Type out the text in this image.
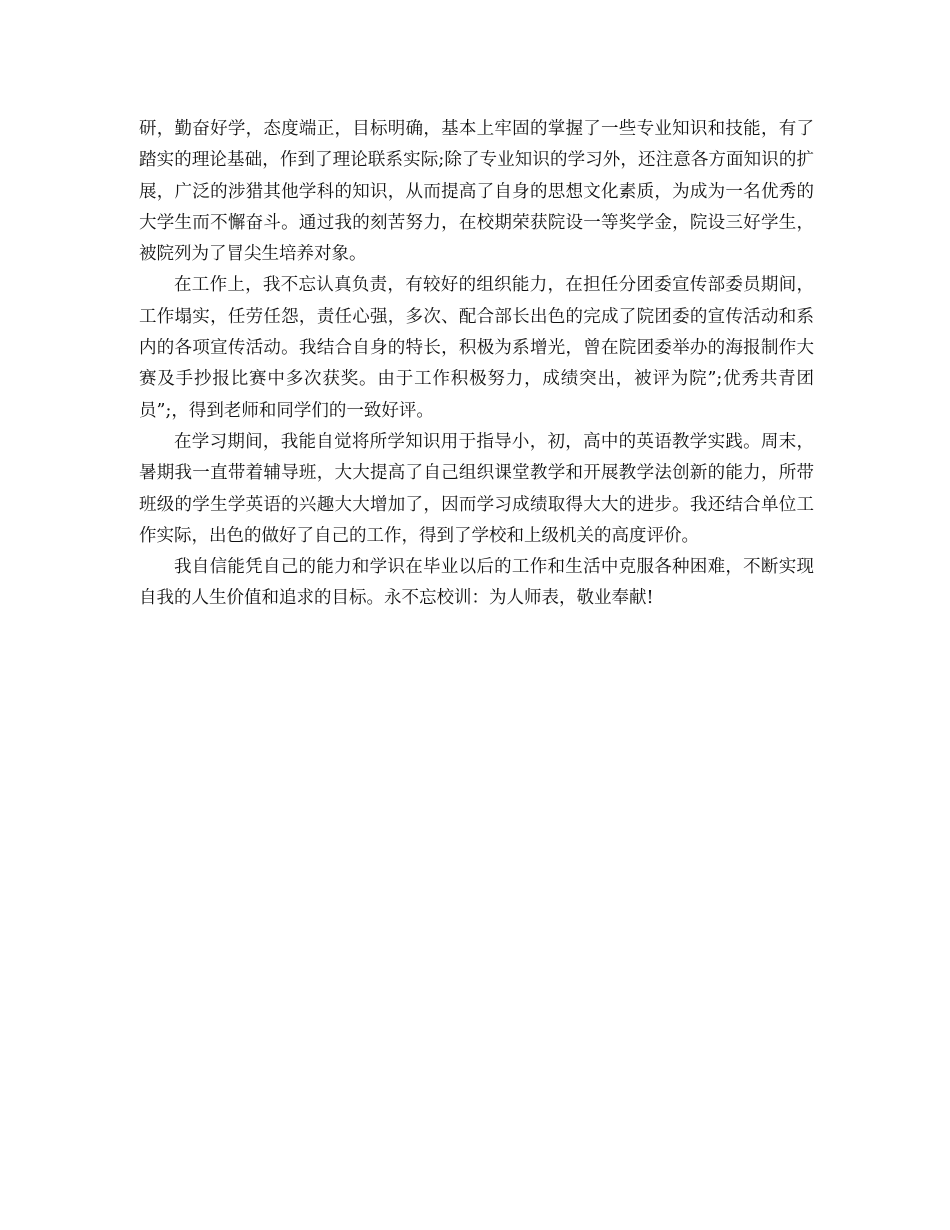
研，勤奋好学，态度端正，目标明确，基本上牢固的掌握了一些专业知识和技能，有了踏实的理论基础，作到了理论联系实际;除了专业知识的学习外，还注意各方面知识的扩展，广泛的涉猎其他学科的知识，从而提高了自身的思想文化素质，为成为一名优秀的大学生而不懈奋斗。通过我的刻苦努力，在校期荣获院设一等奖学金，院设三好学生，被院列为了冒尖生培养对象。

在工作上，我不忘认真负责，有较好的组织能力，在担任分团委宣传部委员期间，工作塌实，任劳任怨，责任心强，多次、配合部长出色的完成了院团委的宣传活动和系内的各项宣传活动。我结合自身的特长，积极为系增光，曾在院团委举办的海报制作大赛及手抄报比赛中多次获奖。由于工作积极努力，成绩突出，被评为院”;优秀共青团员”;，得到老师和同学们的一致好评。

在学习期间，我能自觉将所学知识用于指导小，初，高中的英语教学实践。周末，暑期我一直带着辅导班，大大提高了自己组织课堂教学和开展教学法创新的能力，所带班级的学生学英语的兴趣大大增加了，因而学习成绩取得大大的进步。我还结合单位工作实际，出色的做好了自己的工作，得到了学校和上级机关的高度评价。

我自信能凭自己的能力和学识在毕业以后的工作和生活中克服各种困难，不断实现自我的人生价值和追求的目标。永不忘校训：为人师表，敬业奉献!
